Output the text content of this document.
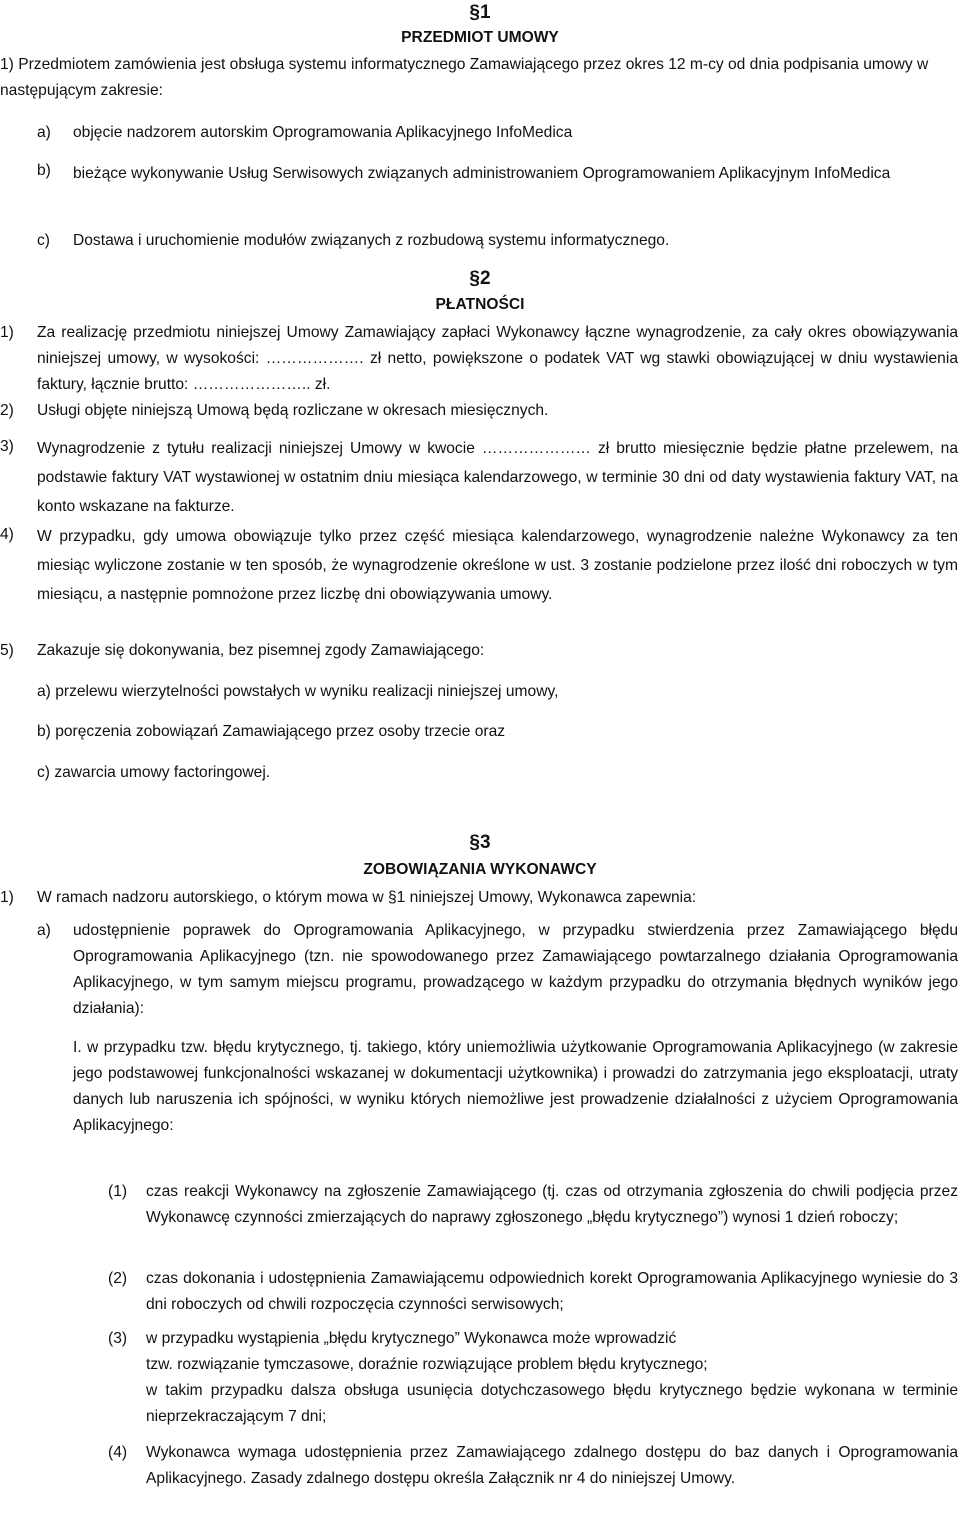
§1
PRZEDMIOT UMOWY
1) Przedmiotem zamówienia jest obsługa systemu informatycznego Zamawiającego przez okres 12 m-cy od dnia podpisania umowy w następującym zakresie:
a) objęcie nadzorem autorskim Oprogramowania Aplikacyjnego InfoMedica
b) bieżące wykonywanie Usług Serwisowych związanych administrowaniem Oprogramowaniem Aplikacyjnym InfoMedica
c) Dostawa i uruchomienie modułów związanych z rozbudową systemu informatycznego.
§2
PŁATNOŚCI
1) Za realizację przedmiotu niniejszej Umowy Zamawiający zapłaci Wykonawcy łączne wynagrodzenie, za cały okres obowiązywania niniejszej umowy, w wysokości: ………………. zł netto, powiększone o podatek VAT wg stawki obowiązującej w dniu wystawienia faktury, łącznie brutto: ………………….. zł.
2) Usługi objęte niniejszą Umową będą rozliczane w okresach miesięcznych.
3) Wynagrodzenie z tytułu realizacji niniejszej Umowy w kwocie ………………… zł brutto miesięcznie będzie płatne przelewem, na podstawie faktury VAT wystawionej w ostatnim dniu miesiąca kalendarzowego, w terminie 30 dni od daty wystawienia faktury VAT, na konto wskazane na fakturze.
4) W przypadku, gdy umowa obowiązuje tylko przez część miesiąca kalendarzowego, wynagrodzenie należne Wykonawcy za ten miesiąc wyliczone zostanie w ten sposób, że wynagrodzenie określone w ust. 3 zostanie podzielone przez ilość dni roboczych w tym miesiącu, a następnie pomnożone przez liczbę dni obowiązywania umowy.
5) Zakazuje się dokonywania, bez pisemnej zgody Zamawiającego:
a) przelewu wierzytelności powstałych w wyniku realizacji niniejszej umowy,
b) poręczenia zobowiązań Zamawiającego przez osoby trzecie oraz
c) zawarcia umowy factoringowej.
§3
ZOBOWIĄZANIA WYKONAWCY
1) W ramach nadzoru autorskiego, o którym mowa w §1 niniejszej Umowy, Wykonawca zapewnia:
a) udostępnienie poprawek do Oprogramowania Aplikacyjnego, w przypadku stwierdzenia przez Zamawiającego błędu Oprogramowania Aplikacyjnego (tzn. nie spowodowanego przez Zamawiającego powtarzalnego działania Oprogramowania Aplikacyjnego, w tym samym miejscu programu, prowadzącego w każdym przypadku do otrzymania błędnych wyników jego działania):
I. w przypadku tzw. błędu krytycznego, tj. takiego, który uniemożliwia użytkowanie Oprogramowania Aplikacyjnego (w zakresie jego podstawowej funkcjonalności wskazanej w dokumentacji użytkownika) i prowadzi do zatrzymania jego eksploatacji, utraty danych lub naruszenia ich spójności, w wyniku których niemożliwe jest prowadzenie działalności z użyciem Oprogramowania Aplikacyjnego:
(1) czas reakcji Wykonawcy na zgłoszenie Zamawiającego (tj. czas od otrzymania zgłoszenia do chwili podjęcia przez Wykonawcę czynności zmierzających do naprawy zgłoszonego „błędu krytycznego”) wynosi 1 dzień roboczy;
(2) czas dokonania i udostępnienia Zamawiającemu odpowiednich korekt Oprogramowania Aplikacyjnego wyniesie do 3 dni roboczych od chwili rozpoczęcia czynności serwisowych;
(3) w przypadku wystąpienia „błędu krytycznego” Wykonawca może wprowadzić
tzw. rozwiązanie tymczasowe, doraźnie rozwiązujące problem błędu krytycznego;
w takim przypadku dalsza obsługa usunięcia dotychczasowego błędu krytycznego będzie wykonana w terminie nieprzekraczającym 7 dni;
(4) Wykonawca wymaga udostępnienia przez Zamawiającego zdalnego dostępu do baz danych i Oprogramowania Aplikacyjnego. Zasady zdalnego dostępu określa Załącznik nr 4 do niniejszej Umowy.
